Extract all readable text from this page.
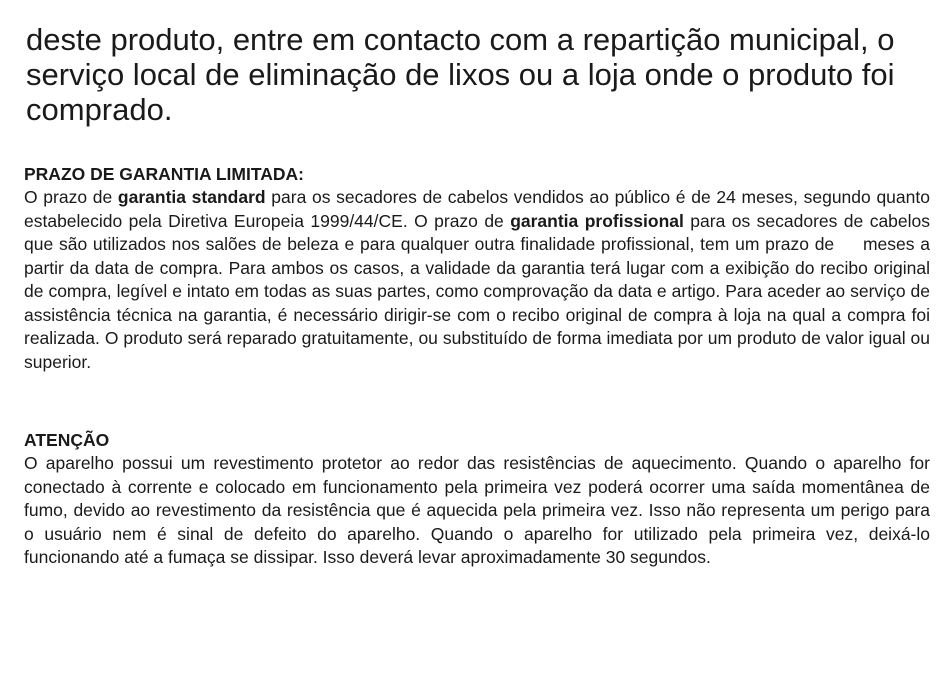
deste produto, entre em contacto com a repartição municipal, o serviço local de eliminação de lixos ou a loja onde o produto foi comprado.

PRAZO DE GARANTIA LIMITADA:

O prazo de garantia standard para os secadores de cabelos vendidos ao público é de 24 meses, segundo quanto estabelecido pela Diretiva Europeia 1999/44/CE. O prazo de garantia profissional para os secadores de cabelos que são utilizados nos salões de beleza e para qualquer outra finalidade profissional, tem um prazo de     meses a partir da data de compra. Para ambos os casos, a validade da garantia terá lugar com a exibição do recibo original de compra, legível e intato em todas as suas partes, como comprovação da data e artigo. Para aceder ao serviço de assistência técnica na garantia, é necessário dirigir-se com o recibo original de compra à loja na qual a compra foi realizada. O produto será reparado gratuitamente, ou substituído de forma imediata por um produto de valor igual ou superior.

ATENÇÃO

O aparelho possui um revestimento protetor ao redor das resistências de aquecimento. Quando o aparelho for conectado à corrente e colocado em funcionamento pela primeira vez poderá ocorrer uma saída momentânea de fumo, devido ao revestimento da resistência que é aquecida pela primeira vez. Isso não representa um perigo para o usuário nem é sinal de defeito do aparelho. Quando o aparelho for utilizado pela primeira vez, deixá-lo funcionando até a fumaça se dissipar. Isso deverá levar aproximadamente 30 segundos.
